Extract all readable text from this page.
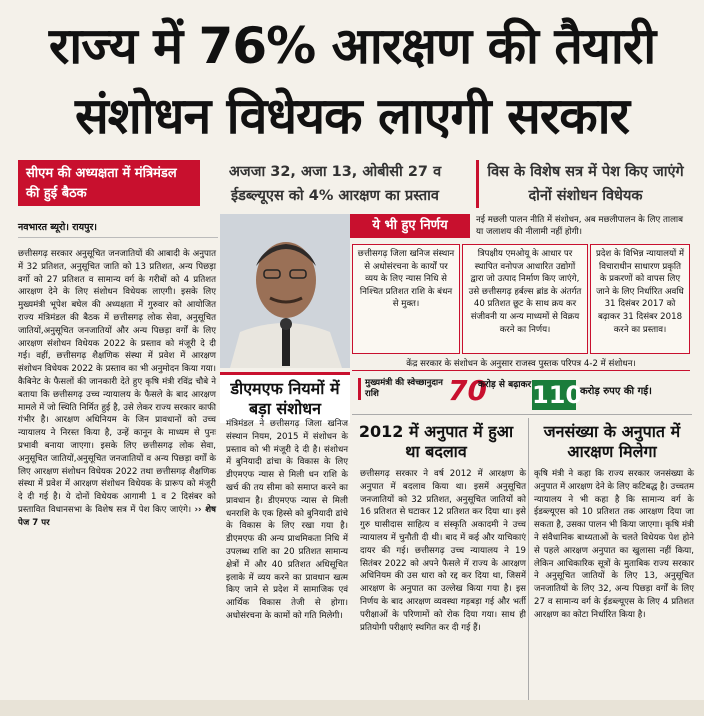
राज्य में 76% आरक्षण की तैयारी
संशोधन विधेयक लाएगी सरकार
सीएम की अध्यक्षता में मंत्रिमंडल की हुई बैठक
अजजा 32, अजा 13, ओबीसी 27 व ईडब्ल्यूएस को 4% आरक्षण का प्रस्ताव
विस के विशेष सत्र में पेश किए जाएंगे दोनों संशोधन विधेयक
नवभारत ब्यूरो। रायपुर।
छत्तीसगढ़ सरकार अनुसूचित जनजातियों की आबादी के अनुपात में 32 प्रतिशत, अनुसूचित जाति को 13 प्रतिशत, अन्य पिछड़ा वर्गो को 27 प्रतिशत व सामान्य वर्ग के गरीबों को 4 प्रतिशत आरक्षण देने के लिए संशोधन विधेयक लाएगी। इसके लिए मुख्यमंत्री भूपेश बघेल की अध्यक्षता में गुरुवार को आयोजित राज्य मंत्रिमंडल की बैठक में छत्तीसगढ़ लोक सेवा, अनुसूचित जातियों,अनुसूचित जनजातियों और अन्य पिछड़ा वर्गों के लिए आरक्षण संशोधन विधेयक 2022 के प्रस्ताव को मंजूरी दे दी गई। वहीं, छत्तीसगढ़ शैक्षणिक संस्था में प्रवेश में आरक्षण संशोधन विधेयक 2022 के प्रस्ताव का भी अनुमोदन किया गया। कैबिनेट के फैसलों की जानकारी देते हुए कृषि मंत्री रविंद्र चौबे ने बताया कि छत्तीसगढ़ उच्च न्यायालय के फैसले के बाद आरक्षण मामले में जो स्थिति निर्मित हुई है, उसे लेकर राज्य सरकार काफी गंभीर है। आरक्षण अधिनियम के जिन प्रावधानों को उच्च न्यायालय ने निरस्त किया है, उन्हें कानून के माध्यम से पुनः प्रभावी बनाया जाएगा। इसके लिए छत्तीसगढ़ लोक सेवा, अनुसूचित जातियों,अनुसूचित जनजातियों व अन्य पिछड़ा वर्गों के लिए आरक्षण संशोधन विधेयक 2022 तथा छत्तीसगढ़ शैक्षणिक संस्था में प्रवेश में आरक्षण संशोधन विधेयक के प्रारूप को मंजूरी दे दी गई है। ये दोनों विधेयक आगामी 1 व 2 दिसंबर को प्रस्तावित विधानसभा के विशेष सत्र में पेश किए जाएंगे। ›› शेष पेज 7 पर
ये भी हुए निर्णय	नई मछली पालन नीति में संशोधन, अब मछलीपालन के लिए तालाब या जलाशय की नीलामी नहीं होगी।
छत्तीसगढ़ जिला खनिज संस्थान से अधोसंरचना के कार्यों पर व्यय के लिए न्यास निधि से निश्चित प्रतिशत राशि के बंधन से मुक्त।
त्रिपक्षीय एमओयू के आधार पर स्थापित वनोपज आधारित उद्योगों द्वारा जो उत्पाद निर्माण किए जाएंगे, उसे छत्तीसगढ़ हर्बल्स ब्रांड के अंतर्गत 40 प्रतिशत छूट के साथ क्रय कर संजीवनी या अन्य माध्यमों से विक्रय करने का निर्णय।
प्रदेश के विभिन्न न्यायालयों में विचाराधीन साधारण प्रकृति के प्रकरणों को वापस लिए जाने के लिए निर्धारित अवधि 31 दिसंबर 2017 को बढ़ाकर 31 दिसंबर 2018 करने का प्रस्ताव।
केंद्र सरकार के संशोधन के अनुसार राजस्व पुस्तक परिपत्र 4-2 में संशोधन।
डीएमएफ नियमों में बड़ा संशोधन
मंत्रिमंडल ने छत्तीसगढ़ जिला खनिज संस्थान नियम, 2015 में संशोधन के प्रस्ताव को भी मंजूरी दे दी है। संशोधन में बुनियादी ढांचा के विकास के लिए डीएमएफ न्यास से मिली धन राशि के खर्च की तय सीमा को समाप्त करने का प्रावधान है। डीएमएफ न्यास से मिली धनराशि के एक हिस्से को बुनियादी ढांचे के विकास के लिए रखा गया है। डीएमएफ की अन्य प्राथमिकता निधि में उपलब्ध राशि का 20 प्रतिशत सामान्य क्षेत्रों में और 40 प्रतिशत अधिसूचित इलाके में व्यय करने का प्रावधान खत्म किए जाने से प्रदेश में सामाजिक एवं आर्थिक विकास तेजी से होगा। अधोसंरचना के कामों को गति मिलेगी।
मुख्यमंत्री की स्वेच्छानुदान राशि	70
करोड़ से बढ़ाकर 110
करोड़ रुपए की गई।
2012 में अनुपात में हुआ था बदलाव
छत्तीसगढ़ सरकार ने वर्ष 2012 में आरक्षण के अनुपात में बदलाव किया था। इसमें अनुसूचित जनजातियों को 32 प्रतिशत, अनुसूचित जातियों को 16 प्रतिशत से घटाकर 12 प्रतिशत कर दिया था। इसे गुरु घासीदास साहित्य व संस्कृति अकादमी ने उच्च न्यायालय में चुनौती दी थी। बाद में कई और याचिकाएं दायर की गई। छत्तीसगढ़ उच्च न्यायालय ने 19 सितंबर 2022 को अपने फैसले में राज्य के आरक्षण अधिनियम की उस धारा को रद्द कर दिया था, जिसमें आरक्षण के अनुपात का उल्लेख किया गया है। इस निर्णय के बाद आरक्षण व्यवस्था गड़बड़ा गई और भर्ती परीक्षाओं के परिणामों को रोक दिया गया। साथ ही प्रतियोगी परीक्षाएं स्थगित कर दी गई हैं।
जनसंख्या के अनुपात में आरक्षण मिलेगा
कृषि मंत्री ने कहा कि राज्य सरकार जनसंख्या के अनुपात में आरक्षण देने के लिए कटिबद्ध है। उच्चतम न्यायालय ने भी कहा है कि सामान्य वर्ग के ईडब्ल्यूएस को 10 प्रतिशत तक आरक्षण दिया जा सकता है, उसका पालन भी किया जाएगा। कृषि मंत्री ने संवैधानिक बाध्यताओं के चलते विधेयक पेश होने से पहले आरक्षण अनुपात का खुलासा नहीं किया, लेकिन आधिकारिक सूत्रों के मुताबिक राज्य सरकार ने अनुसूचित जातियों के लिए 13, अनुसूचित जनजातियों के लिए 32, अन्य पिछड़ा वर्गों के लिए 27 व सामान्य वर्ग के ईडब्ल्यूएस के लिए 4 प्रतिशत आरक्षण का कोटा निर्धारित किया है।
